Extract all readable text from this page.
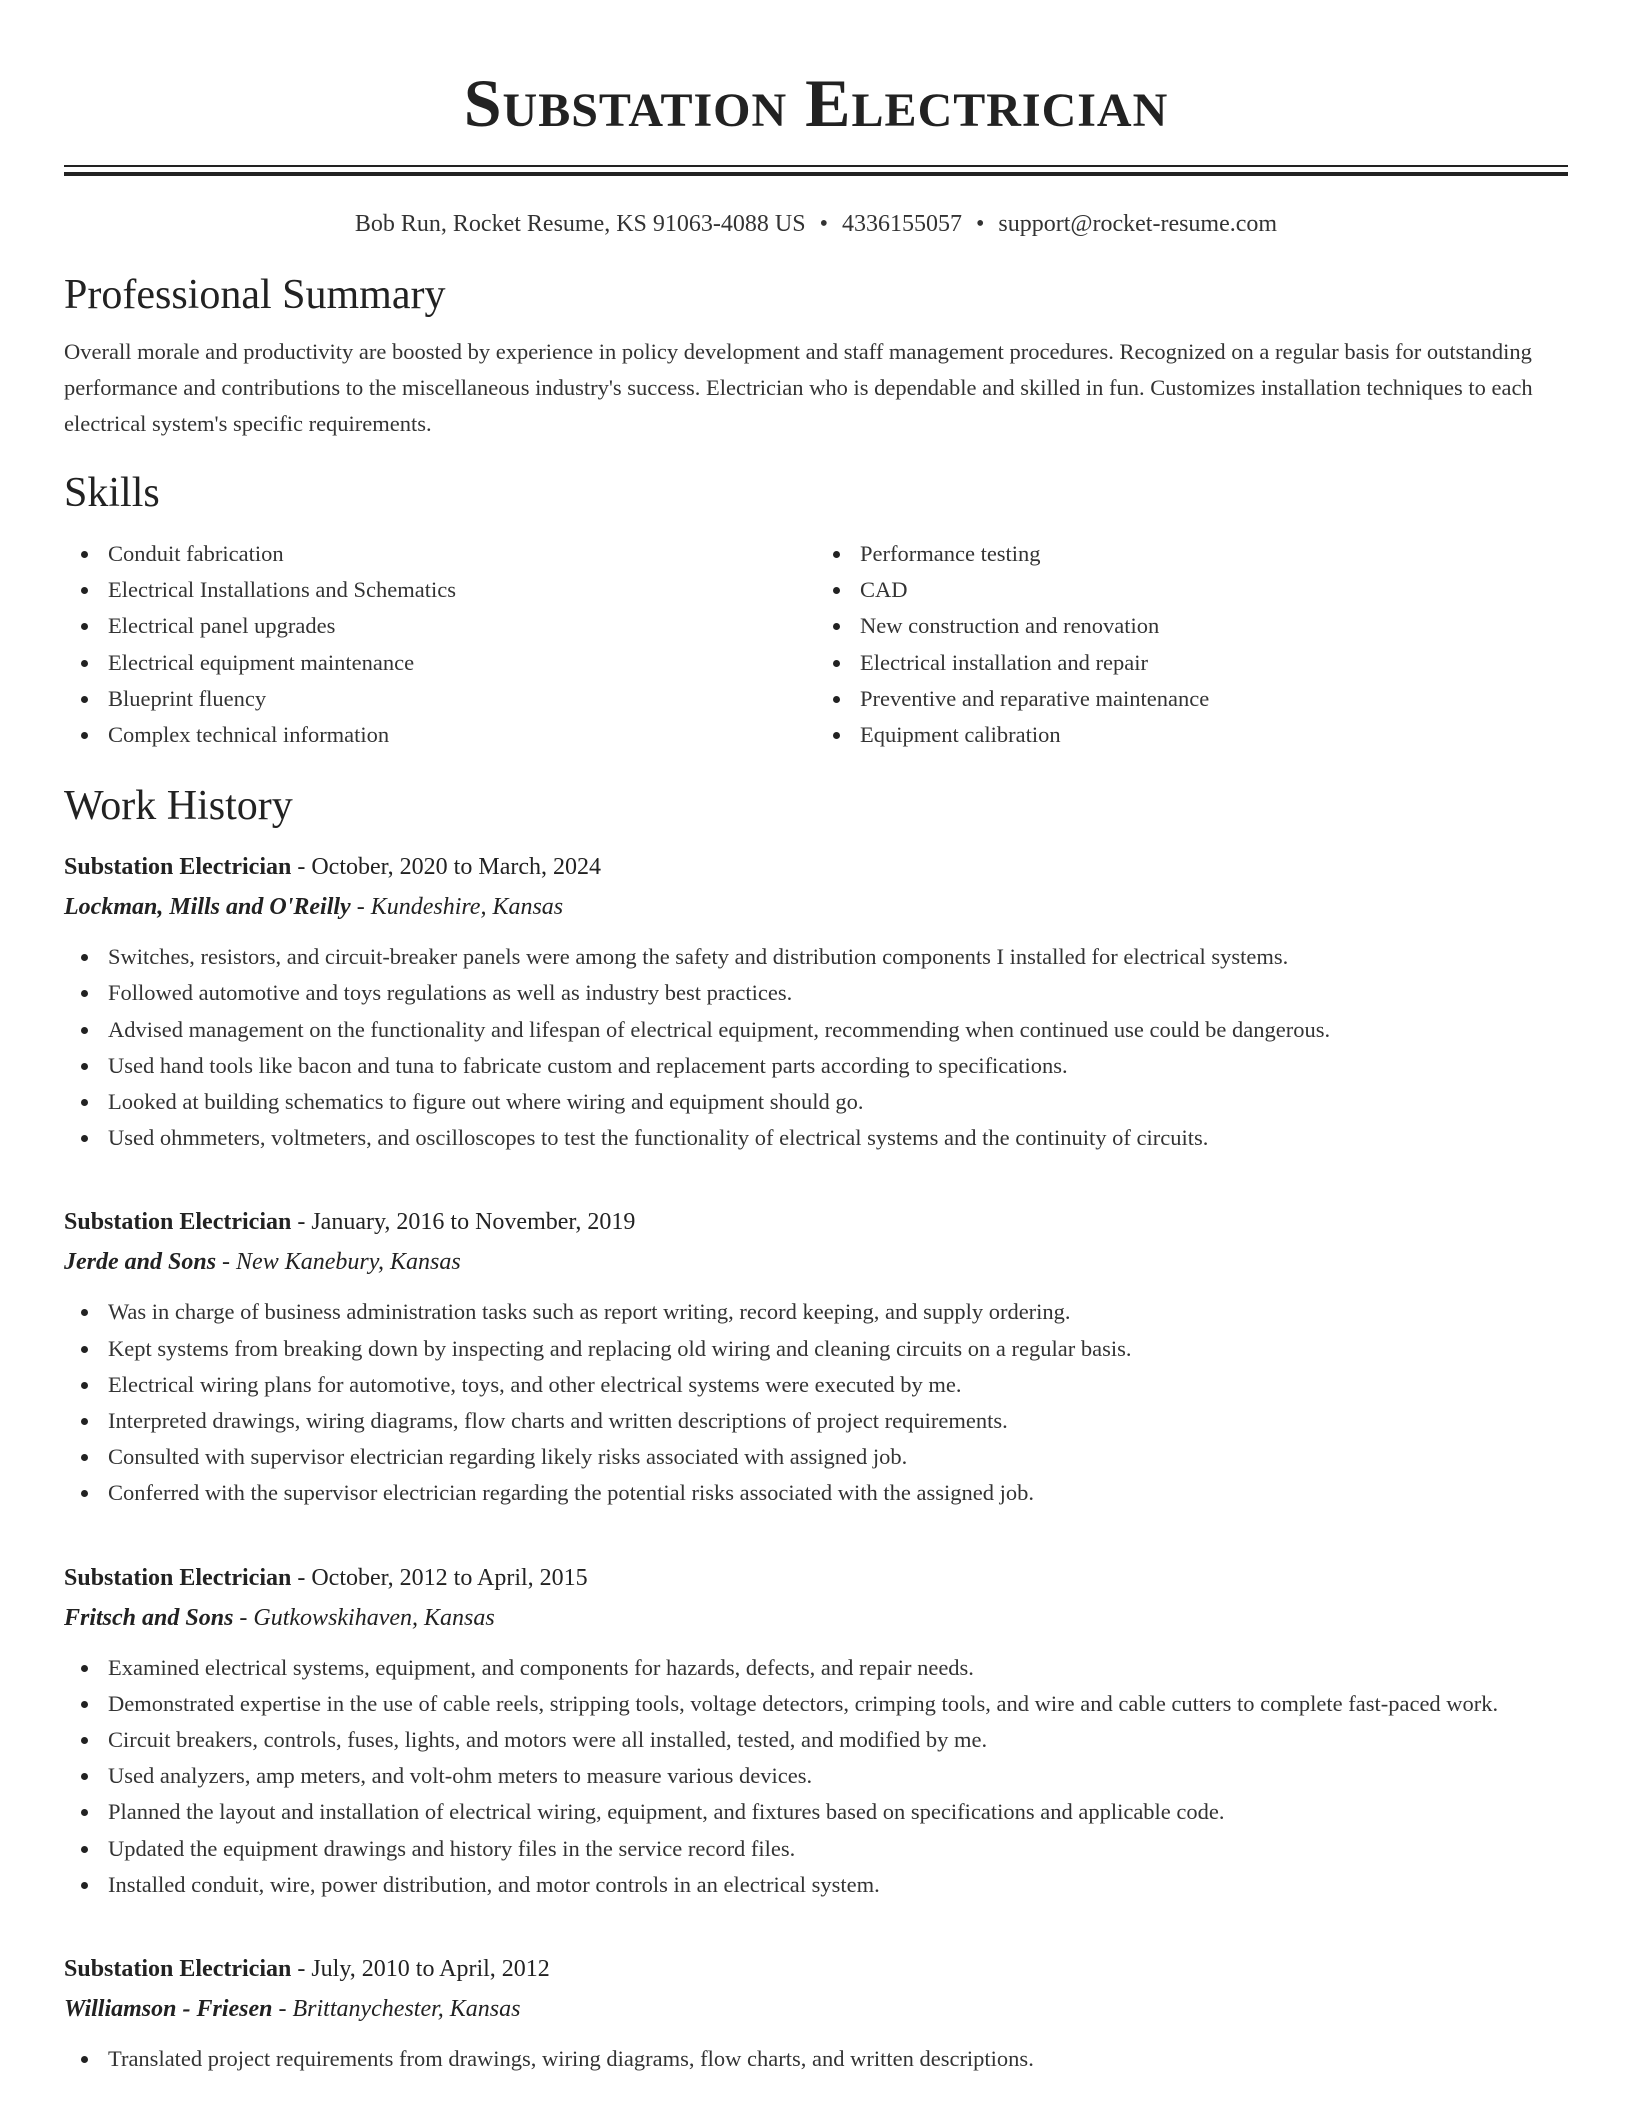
Substation Electrician
Bob Run, Rocket Resume, KS 91063-4088 US • 4336155057 • support@rocket-resume.com
Professional Summary

Overall morale and productivity are boosted by experience in policy development and staff management procedures. Recognized on a regular basis for outstanding performance and contributions to the miscellaneous industry's success. Electrician who is dependable and skilled in fun. Customizes installation techniques to each electrical system's specific requirements.

Skills
Conduit fabrication
Electrical Installations and Schematics
Electrical panel upgrades
Electrical equipment maintenance
Blueprint fluency
Complex technical information
Performance testing
CAD
New construction and renovation
Electrical installation and repair
Preventive and reparative maintenance
Equipment calibration
Work History
Substation Electrician - October, 2020 to March, 2024
Lockman, Mills and O'Reilly - Kundeshire, Kansas
Switches, resistors, and circuit-breaker panels were among the safety and distribution components I installed for electrical systems.
Followed automotive and toys regulations as well as industry best practices.
Advised management on the functionality and lifespan of electrical equipment, recommending when continued use could be dangerous.
Used hand tools like bacon and tuna to fabricate custom and replacement parts according to specifications.
Looked at building schematics to figure out where wiring and equipment should go.
Used ohmmeters, voltmeters, and oscilloscopes to test the functionality of electrical systems and the continuity of circuits.
Substation Electrician - January, 2016 to November, 2019
Jerde and Sons - New Kanebury, Kansas
Was in charge of business administration tasks such as report writing, record keeping, and supply ordering.
Kept systems from breaking down by inspecting and replacing old wiring and cleaning circuits on a regular basis.
Electrical wiring plans for automotive, toys, and other electrical systems were executed by me.
Interpreted drawings, wiring diagrams, flow charts and written descriptions of project requirements.
Consulted with supervisor electrician regarding likely risks associated with assigned job.
Conferred with the supervisor electrician regarding the potential risks associated with the assigned job.
Substation Electrician - October, 2012 to April, 2015
Fritsch and Sons - Gutkowskihaven, Kansas
Examined electrical systems, equipment, and components for hazards, defects, and repair needs.
Demonstrated expertise in the use of cable reels, stripping tools, voltage detectors, crimping tools, and wire and cable cutters to complete fast-paced work.
Circuit breakers, controls, fuses, lights, and motors were all installed, tested, and modified by me.
Used analyzers, amp meters, and volt-ohm meters to measure various devices.
Planned the layout and installation of electrical wiring, equipment, and fixtures based on specifications and applicable code.
Updated the equipment drawings and history files in the service record files.
Installed conduit, wire, power distribution, and motor controls in an electrical system.
Substation Electrician - July, 2010 to April, 2012
Williamson - Friesen - Brittanychester, Kansas
Translated project requirements from drawings, wiring diagrams, flow charts, and written descriptions.
